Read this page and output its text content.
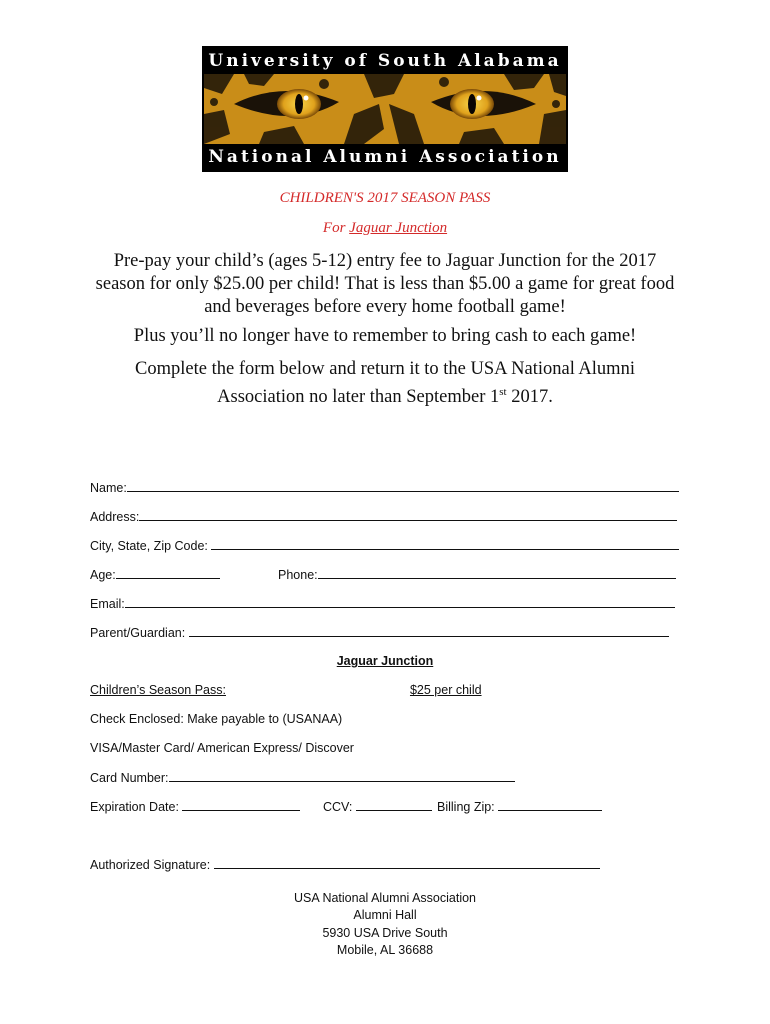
University of South Alabama
National Alumni Association
CHILDREN'S 2017 SEASON PASS
For Jaguar Junction
Pre-pay your child’s (ages 5-12) entry fee to Jaguar Junction for the 2017 season for only $25.00 per child! That is less than $5.00 a game for great food and beverages before every home football game!
Plus you’ll no longer have to remember to bring cash to each game!
Complete the form below and return it to the USA National Alumni Association no later than September 1st 2017.
Name:
Address:
City, State, Zip Code:
Age:	Phone:
Email:
Parent/Guardian:
Jaguar Junction
Children’s Season Pass:	$25 per child
Check Enclosed: Make payable to (USANAA)
VISA/Master Card/ American Express/ Discover
Card Number:
Expiration Date:	CCV:	Billing Zip:
Authorized Signature:
USA National Alumni Association
Alumni Hall
5930 USA Drive South
Mobile, AL 36688
